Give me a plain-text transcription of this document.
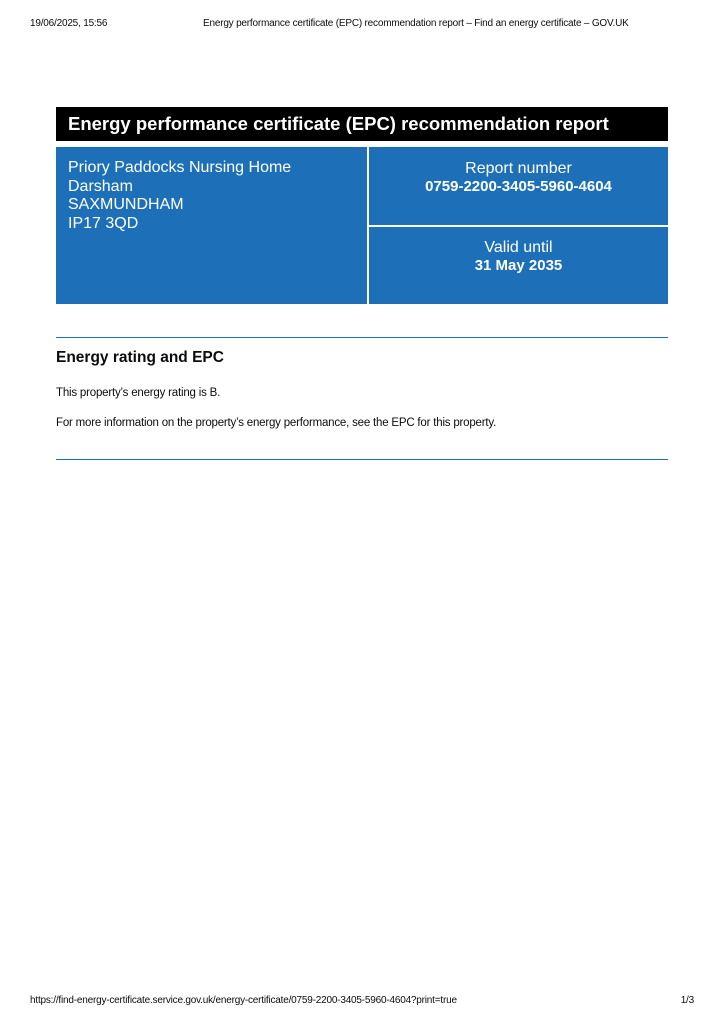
19/06/2025, 15:56	Energy performance certificate (EPC) recommendation report – Find an energy certificate – GOV.UK
Energy performance certificate (EPC) recommendation report
Priory Paddocks Nursing Home
Darsham
SAXMUNDHAM
IP17 3QD
Report number
0759-2200-3405-5960-4604
Valid until
31 May 2035
Energy rating and EPC

This property’s energy rating is B.

For more information on the property’s energy performance, see the EPC for this property.

https://find-energy-certificate.service.gov.uk/energy-certificate/0759-2200-3405-5960-4604?print=true	1/3
